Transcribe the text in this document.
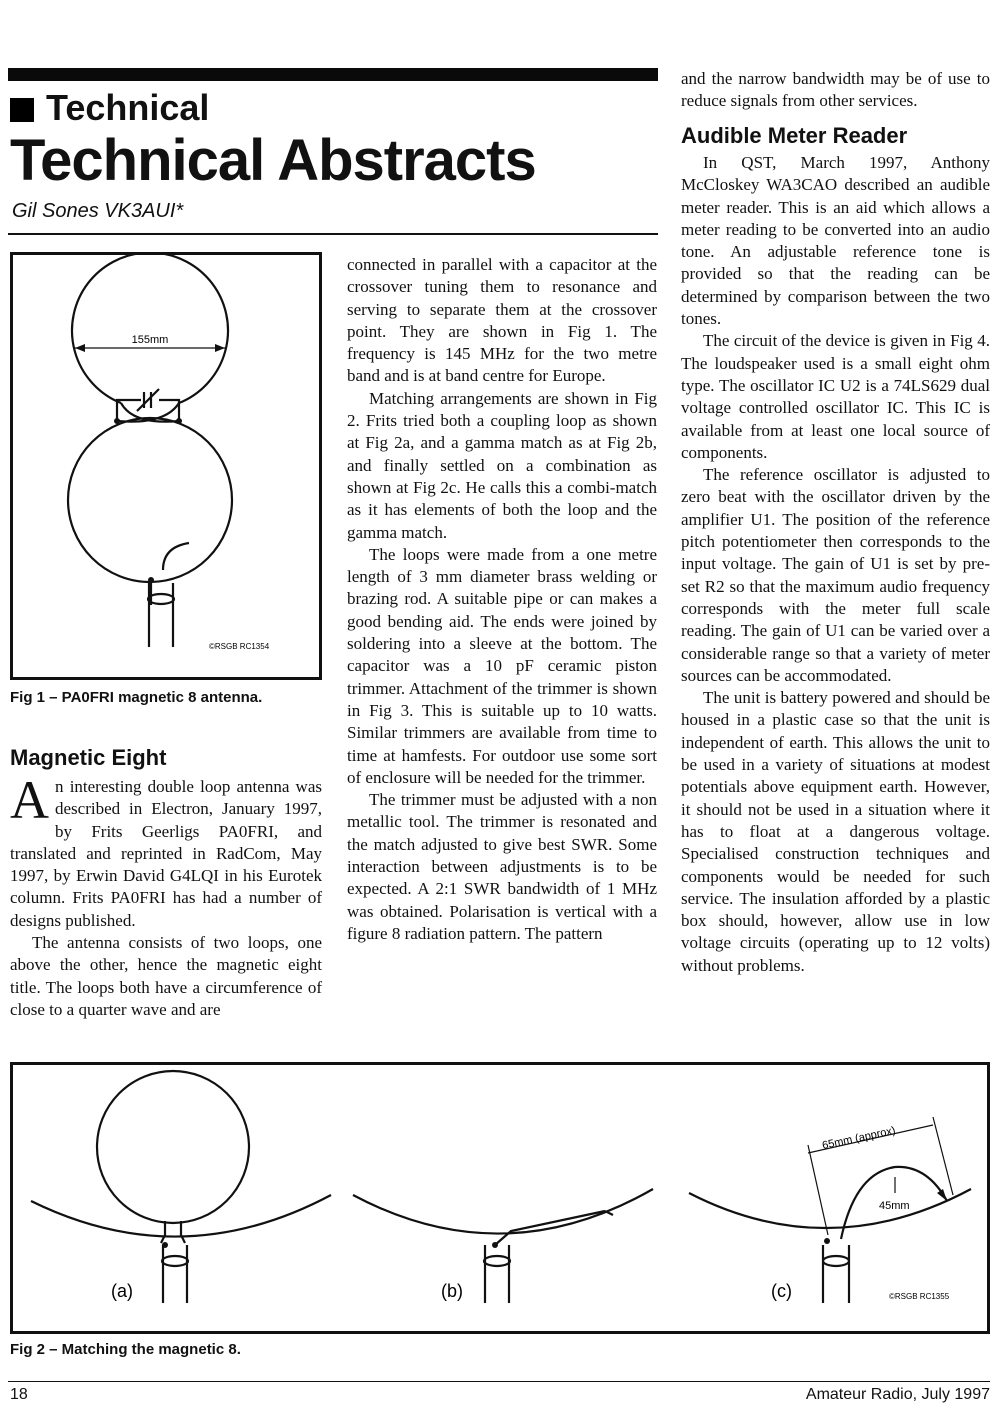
Technical
Technical Abstracts
Gil Sones VK3AUI*
155mm
©RSGB RC1354
Fig 1 – PA0FRI magnetic 8 antenna.
Magnetic Eight

An interesting double loop antenna was described in Electron, January 1997, by Frits Geerligs PA0FRI, and translated and reprinted in RadCom, May 1997, by Erwin David G4LQI in his Eurotek column. Frits PA0FRI has had a number of designs published.

The antenna consists of two loops, one above the other, hence the magnetic eight title. The loops both have a circumference of close to a quarter wave and are

connected in parallel with a capacitor at the crossover tuning them to resonance and serving to separate them at the crossover point. They are shown in Fig 1. The frequency is 145 MHz for the two metre band and is at band centre for Europe.

Matching arrangements are shown in Fig 2. Frits tried both a coupling loop as shown at Fig 2a, and a gamma match as at Fig 2b, and finally settled on a combination as shown at Fig 2c. He calls this a combi-match as it has elements of both the loop and the gamma match.

The loops were made from a one metre length of 3 mm diameter brass welding or brazing rod. A suitable pipe or can makes a good bending aid. The ends were joined by soldering into a sleeve at the bottom. The capacitor was a 10 pF ceramic piston trimmer. Attachment of the trimmer is shown in Fig 3. This is suitable up to 10 watts. Similar trimmers are available from time to time at hamfests. For outdoor use some sort of enclosure will be needed for the trimmer.

The trimmer must be adjusted with a non metallic tool. The trimmer is resonated and the match adjusted to give best SWR. Some interaction between adjustments is to be expected. A 2:1 SWR bandwidth of 1 MHz was obtained. Polarisation is vertical with a figure 8 radiation pattern. The pattern

and the narrow bandwidth may be of use to reduce signals from other services.

Audible Meter Reader

In QST, March 1997, Anthony McCloskey WA3CAO described an audible meter reader. This is an aid which allows a meter reading to be converted into an audio tone. An adjustable reference tone is provided so that the reading can be determined by comparison between the two tones.

The circuit of the device is given in Fig 4. The loudspeaker used is a small eight ohm type. The oscillator IC U2 is a 74LS629 dual voltage controlled oscillator IC. This IC is available from at least one local source of components.

The reference oscillator is adjusted to zero beat with the oscillator driven by the amplifier U1. The position of the reference pitch potentiometer then corresponds to the input voltage. The gain of U1 is set by pre-set R2 so that the maximum audio frequency corresponds with the meter full scale reading. The gain of U1 can be varied over a considerable range so that a variety of meter sources can be accommodated.

The unit is battery powered and should be housed in a plastic case so that the unit is independent of earth. This allows the unit to be used in a variety of situations at modest potentials above equipment earth. However, it should not be used in a situation where it has to float at a dangerous voltage. Specialised construction techniques and components would be needed for such service. The insulation afforded by a plastic box should, however, allow use in low voltage circuits (operating up to 12 volts) without problems.

(a)	(b)	(c)
65mm (approx)
45mm
©RSGB RC1355
Fig 2 – Matching the magnetic 8.
18	Amateur Radio, July 1997
